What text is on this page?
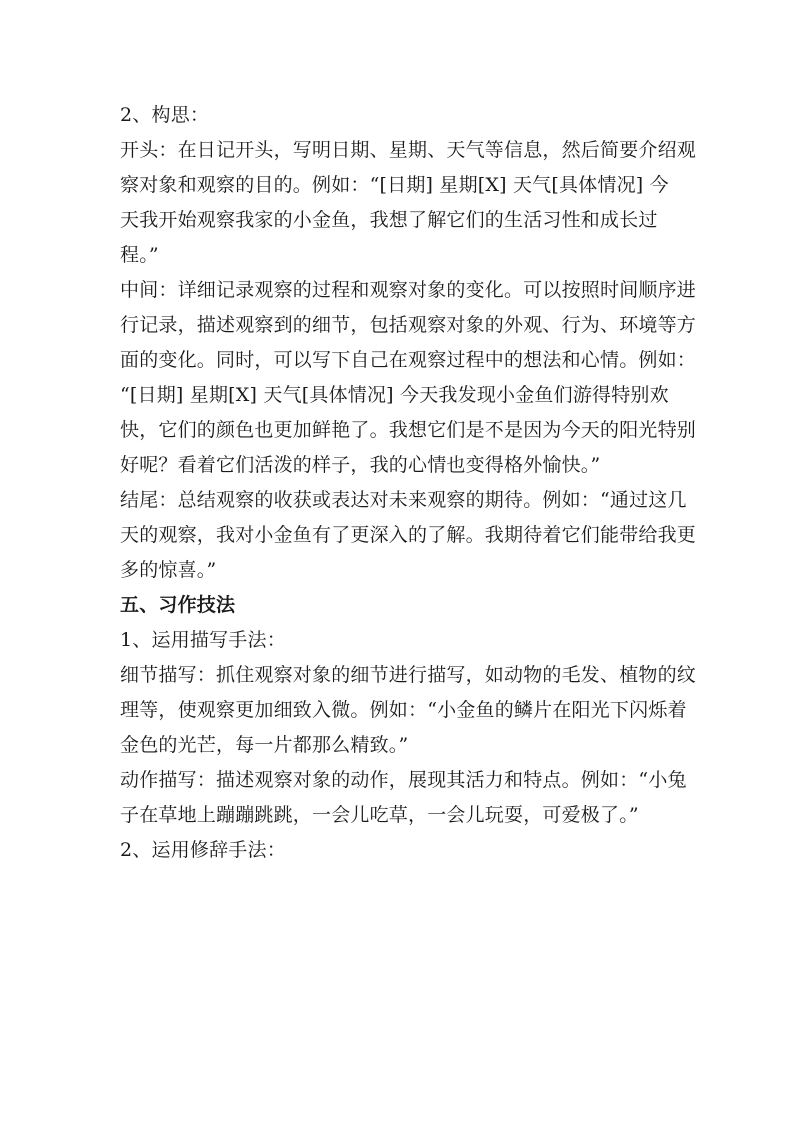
2、构思：
开头：在日记开头，写明日期、星期、天气等信息，然后简要介绍观
察对象和观察的目的。例如：“[日期] 星期[X] 天气[具体情况] 今
天我开始观察我家的小金鱼，我想了解它们的生活习性和成长过
程。”
中间：详细记录观察的过程和观察对象的变化。可以按照时间顺序进
行记录，描述观察到的细节，包括观察对象的外观、行为、环境等方
面的变化。同时，可以写下自己在观察过程中的想法和心情。例如：
“[日期] 星期[X] 天气[具体情况] 今天我发现小金鱼们游得特别欢
快，它们的颜色也更加鲜艳了。我想它们是不是因为今天的阳光特别
好呢？看着它们活泼的样子，我的心情也变得格外愉快。”
结尾：总结观察的收获或表达对未来观察的期待。例如：“通过这几
天的观察，我对小金鱼有了更深入的了解。我期待着它们能带给我更
多的惊喜。”
五、习作技法
1、运用描写手法：
细节描写：抓住观察对象的细节进行描写，如动物的毛发、植物的纹
理等，使观察更加细致入微。例如：“小金鱼的鳞片在阳光下闪烁着
金色的光芒，每一片都那么精致。”
动作描写：描述观察对象的动作，展现其活力和特点。例如：“小兔
子在草地上蹦蹦跳跳，一会儿吃草，一会儿玩耍，可爱极了。”
2、运用修辞手法：
